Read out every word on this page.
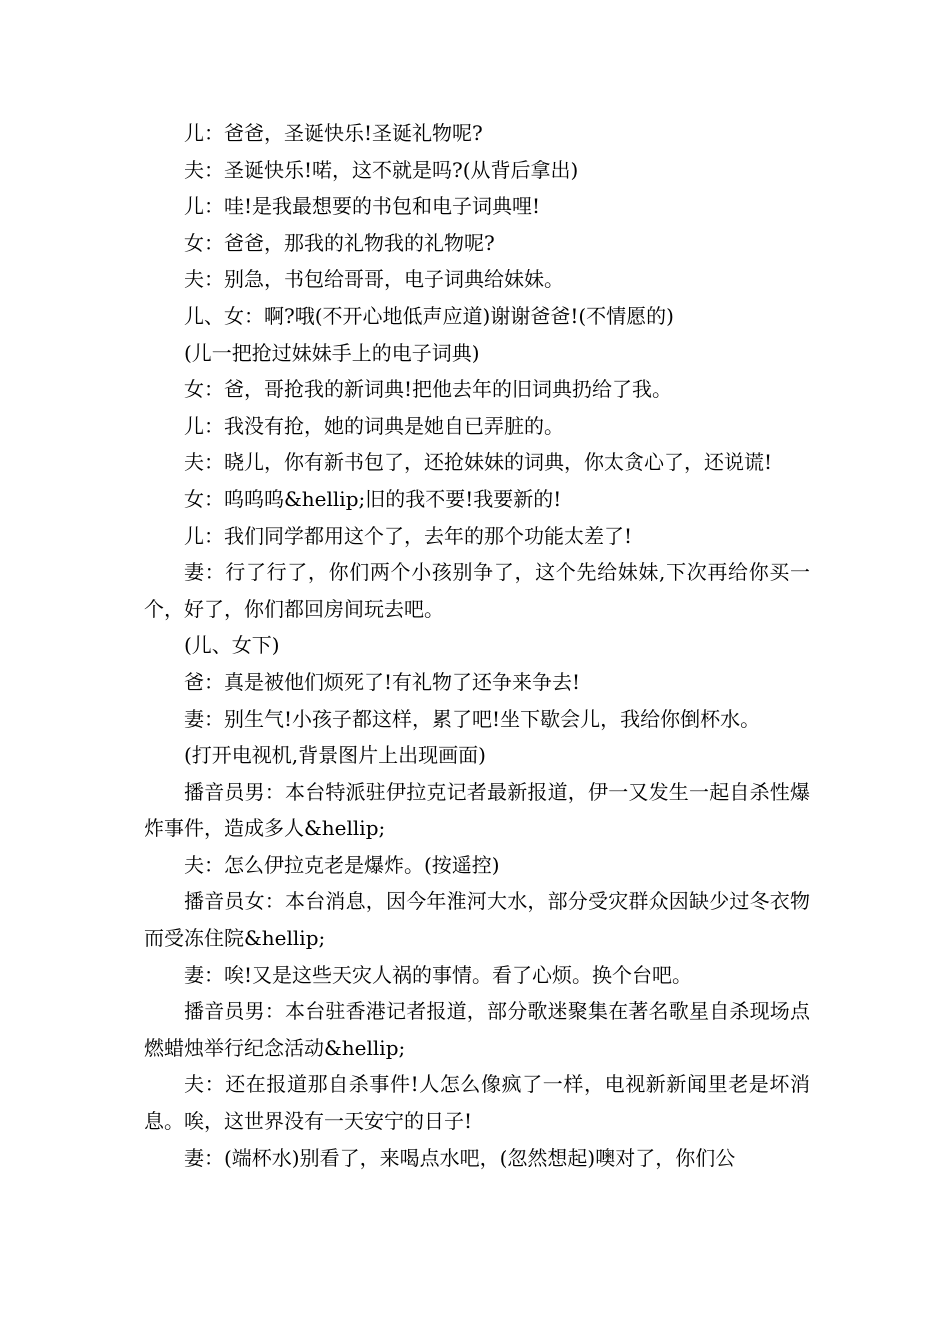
儿：爸爸，圣诞快乐!圣诞礼物呢?

夫：圣诞快乐!喏，这不就是吗?(从背后拿出)

儿：哇!是我最想要的书包和电子词典哩!

女：爸爸，那我的礼物我的礼物呢?

夫：别急，书包给哥哥，电子词典给妹妹。

儿、女：啊?哦(不开心地低声应道)谢谢爸爸!(不情愿的)

(儿一把抢过妹妹手上的电子词典)

女：爸，哥抢我的新词典!把他去年的旧词典扔给了我。

儿：我没有抢，她的词典是她自已弄脏的。

夫：晓儿，你有新书包了，还抢妹妹的词典，你太贪心了，还说谎!

女：呜呜呜&hellip;旧的我不要!我要新的!

儿：我们同学都用这个了，去年的那个功能太差了!

妻：行了行了，你们两个小孩别争了，这个先给妹妹,下次再给你买一个，好了，你们都回房间玩去吧。

(儿、女下)

爸：真是被他们烦死了!有礼物了还争来争去!

妻：别生气!小孩子都这样，累了吧!坐下歇会儿，我给你倒杯水。

(打开电视机,背景图片上出现画面)

播音员男：本台特派驻伊拉克记者最新报道，伊一又发生一起自杀性爆炸事件，造成多人&hellip;

夫：怎么伊拉克老是爆炸。(按遥控)

播音员女：本台消息，因今年淮河大水，部分受灾群众因缺少过冬衣物而受冻住院&hellip;

妻：唉!又是这些天灾人祸的事情。看了心烦。换个台吧。

播音员男：本台驻香港记者报道，部分歌迷聚集在著名歌星自杀现场点燃蜡烛举行纪念活动&hellip;

夫：还在报道那自杀事件!人怎么像疯了一样，电视新新闻里老是坏消息。唉，这世界没有一天安宁的日子!

妻：(端杯水)别看了，来喝点水吧，(忽然想起)噢对了，你们公
